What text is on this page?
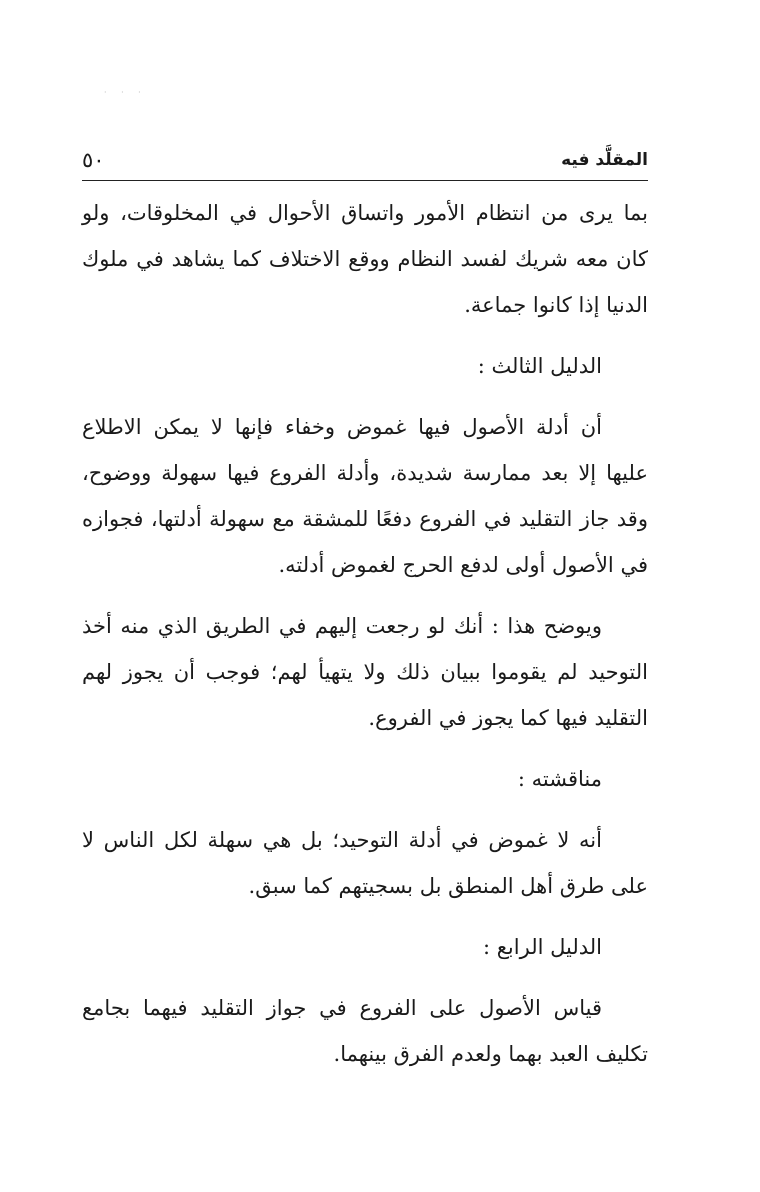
· · ·
المقلَّد فيه
٥٠

بما يرى من انتظام الأمور واتساق الأحوال في المخلوقات، ولو كان معه شريك لفسد النظام ووقع الاختلاف كما يشاهد في ملوك الدنيا إذا كانوا جماعة.

الدليل الثالث :

أن أدلة الأصول فيها غموض وخفاء فإنها لا يمكن الاطلاع عليها إلا بعد ممارسة شديدة، وأدلة الفروع فيها سهولة ووضوح، وقد جاز التقليد في الفروع دفعًا للمشقة مع سهولة أدلتها، فجوازه في الأصول أولى لدفع الحرج لغموض أدلته.

ويوضح هذا : أنك لو رجعت إليهم في الطريق الذي منه أخذ التوحيد لم يقوموا ببيان ذلك ولا يتهيأ لهم؛ فوجب أن يجوز لهم التقليد فيها كما يجوز في الفروع.

مناقشته :

أنه لا غموض في أدلة التوحيد؛ بل هي سهلة لكل الناس لا على طرق أهل المنطق بل بسجيتهم كما سبق.

الدليل الرابع :

قياس الأصول على الفروع في جواز التقليد فيهما بجامع تكليف العبد بهما ولعدم الفرق بينهما.
